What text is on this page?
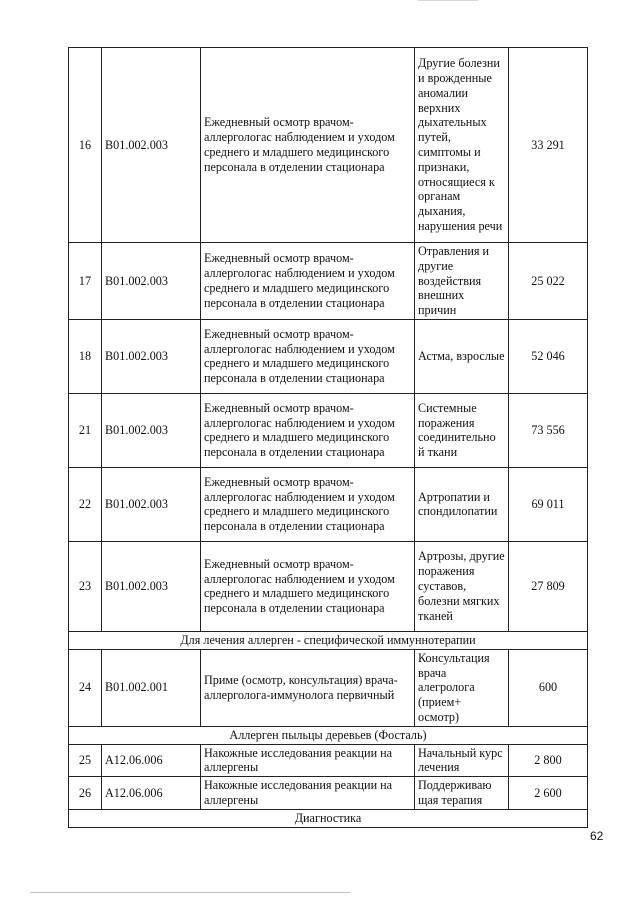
16	B01.002.003	Ежедневный осмотр врачом-аллергологас наблюдением и уходом среднего и младшего медицинского персонала в отделении стационара	Другие болезни и врожденные аномалии верхних дыхательных путей, симптомы и признаки, относящиеся к органам дыхания, нарушения речи	33 291
17	B01.002.003	Ежедневный осмотр врачом-аллергологас наблюдением и уходом среднего и младшего медицинского персонала в отделении стационара	Отравления и другие воздействия внешних причин	25 022
18	B01.002.003	Ежедневный осмотр врачом-аллергологас наблюдением и уходом среднего и младшего медицинского персонала в отделении стационара	Астма, взрослые	52 046
21	B01.002.003	Ежедневный осмотр врачом-аллергологас наблюдением и уходом среднего и младшего медицинского персонала в отделении стационара	Системные поражения соединительно й ткани	73 556
22	B01.002.003	Ежедневный осмотр врачом-аллергологас наблюдением и уходом среднего и младшего медицинского персонала в отделении стационара	Артропатии и спондилопатии	69 011
23	B01.002.003	Ежедневный осмотр врачом-аллергологас наблюдением и уходом среднего и младшего медицинского персонала в отделении стационара	Артрозы, другие поражения суставов, болезни мягких тканей	27 809
Для лечения аллерген - специфической иммуннотерапии				
24	B01.002.001	Приме (осмотр, консультация) врача-аллерголога-иммунолога первичный	Консультация врача алегролога (прием+ осмотр)	600
Аллерген пыльцы деревьев (Фосталь)				
25	A12.06.006	Накожные исследования реакции на аллергены	Начальный курс лечения	2 800
26	A12.06.006	Накожные исследования реакции на аллергены	Поддерживаю щая терапия	2 600
Диагностика				
62
